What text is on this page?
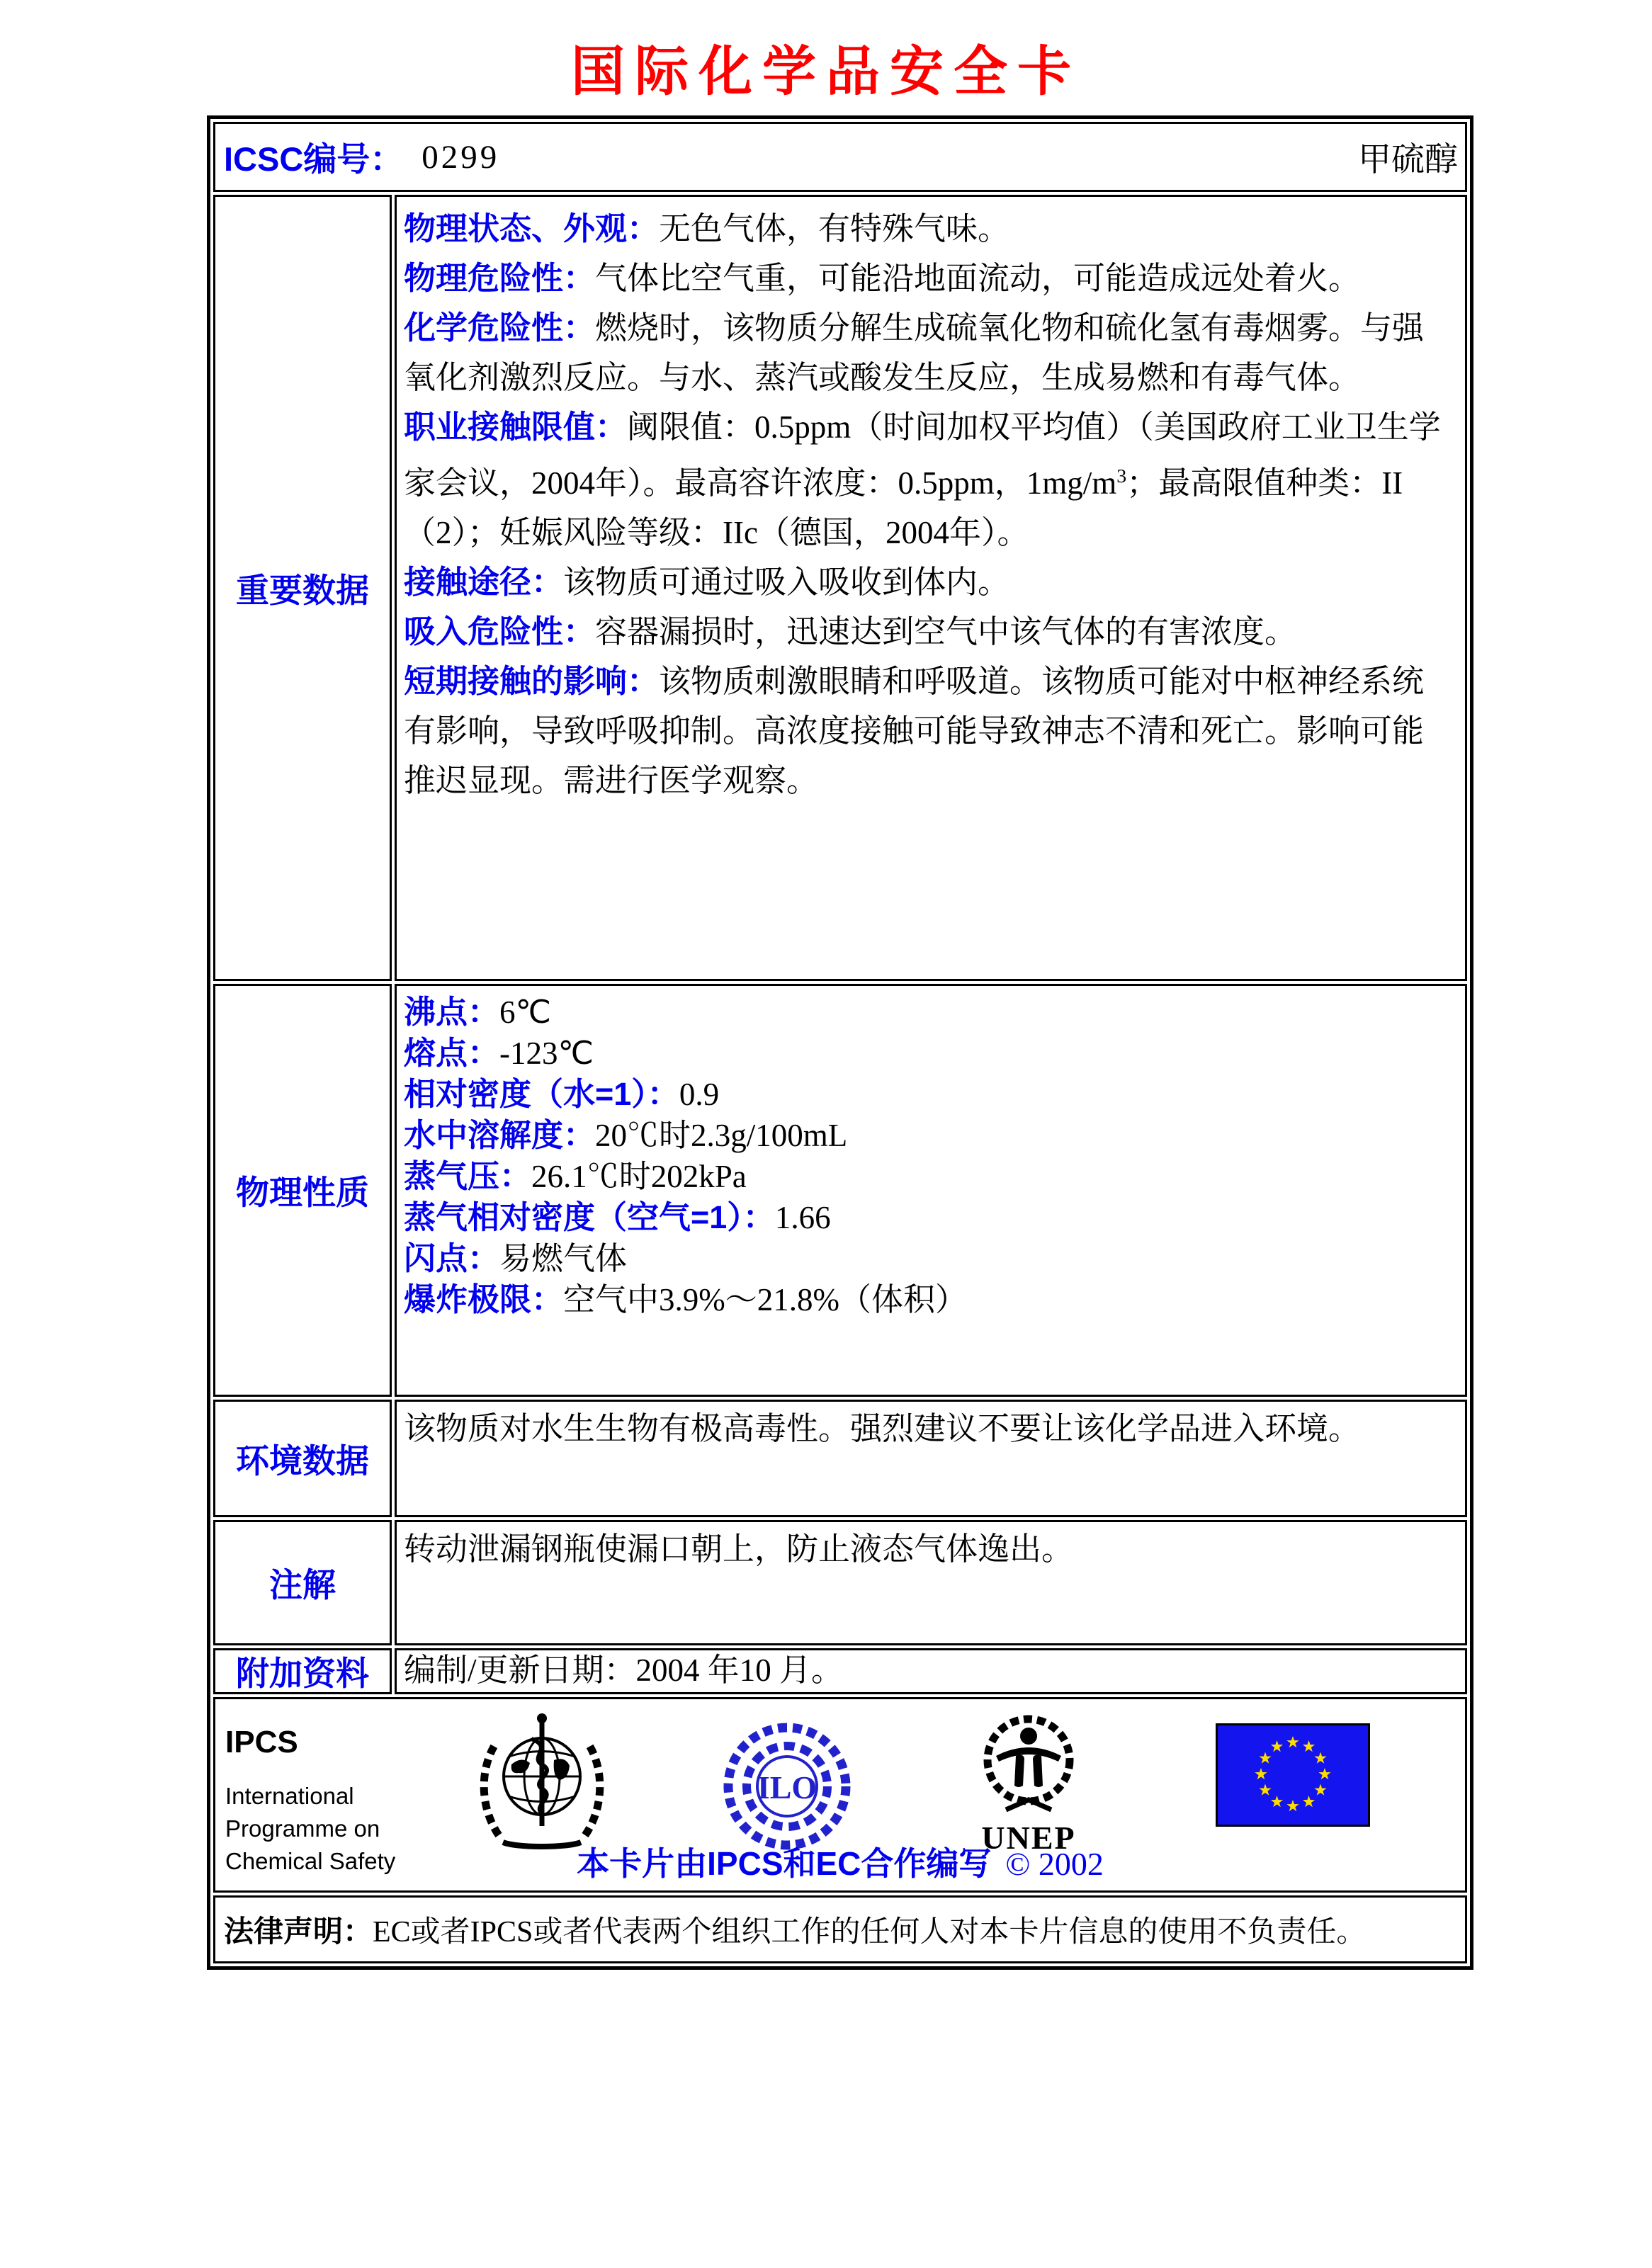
国际化学品安全卡
ICSC编号： 0299	甲硫醇
重要数据
物理状态、外观：无色气体，有特殊气味。
物理危险性：气体比空气重，可能沿地面流动，可能造成远处着火。
化学危险性：燃烧时，该物质分解生成硫氧化物和硫化氢有毒烟雾。与强氧化剂激烈反应。与水、蒸汽或酸发生反应，生成易燃和有毒气体。
职业接触限值：阈限值：0.5ppm（时间加权平均值）（美国政府工业卫生学家会议，2004年）。最高容许浓度：0.5ppm，$1mg/m^3$；最高限值种类：II（2）；妊娠风险等级：IIc（德国，2004年）。
接触途径：该物质可通过吸入吸收到体内。
吸入危险性：容器漏损时，迅速达到空气中该气体的有害浓度。
短期接触的影响：该物质刺激眼睛和呼吸道。该物质可能对中枢神经系统有影响，导致呼吸抑制。高浓度接触可能导致神志不清和死亡。影响可能推迟显现。需进行医学观察。
物理性质
沸点：6℃
熔点：-123℃
相对密度（水=1）：0.9
水中溶解度：20℃时2.3g/100mL
蒸气压：26.1℃时202kPa
蒸气相对密度（空气=1）：1.66
闪点：易燃气体
爆炸极限：空气中3.9%～21.8%（体积）
环境数据
该物质对水生生物有极高毒性。强烈建议不要让该化学品进入环境。
注解
转动泄漏钢瓶使漏口朝上，防止液态气体逸出。
附加资料 编制/更新日期：2004 年10 月。
IPCS
International
Programme on
Chemical Safety
ILO
UNEP
本卡片由IPCS和EC合作编写 © 2002
法律声明： EC或者IPCS或者代表两个组织工作的任何人对本卡片信息的使用不负责任。
